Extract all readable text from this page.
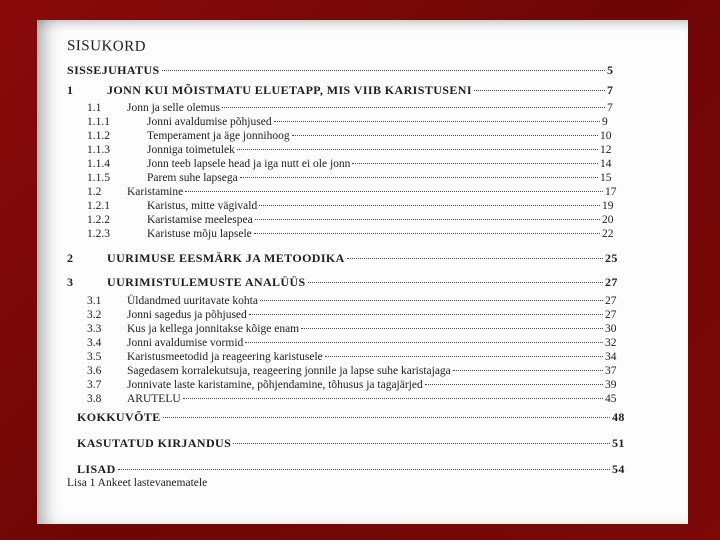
SISUKORD
SISSEJUHATUS	5
1	JONN KUI MÕISTMATU ELUETAPP, MIS VIIB KARISTUSENI	7
1.1	Jonn ja selle olemus	7
1.1.1	Jonni avaldumise põhjused	9
1.1.2	Temperament ja äge jonnihoog	10
1.1.3	Jonniga toimetulek	12
1.1.4	Jonn teeb lapsele head ja iga nutt ei ole jonn	14
1.1.5	Parem suhe lapsega	15
1.2	Karistamine	17
1.2.1	Karistus, mitte vägivald	19
1.2.2	Karistamise meelespea	20
1.2.3	Karistuse mõju lapsele	22
2	UURIMUSE EESMÄRK JA METOODIKA	25
3	UURIMISTULEMUSTE ANALÜÜS	27
3.1	Üldandmed uuritavate kohta	27
3.2	Jonni sagedus ja põhjused	27
3.3	Kus ja kellega jonnitakse kõige enam	30
3.4	Jonni avaldumise vormid	32
3.5	Karistusmeetodid ja reageering karistusele	34
3.6	Sagedasem korralekutsuja, reageering jonnile ja lapse suhe karistajaga	37
3.7	Jonnivate laste karistamine, põhjendamine, tõhusus ja tagajärjed	39
3.8	ARUTELU	45
KOKKUVÕTE	48
KASUTATUD KIRJANDUS	51
LISAD	54
Lisa 1 Ankeet lastevanematele
